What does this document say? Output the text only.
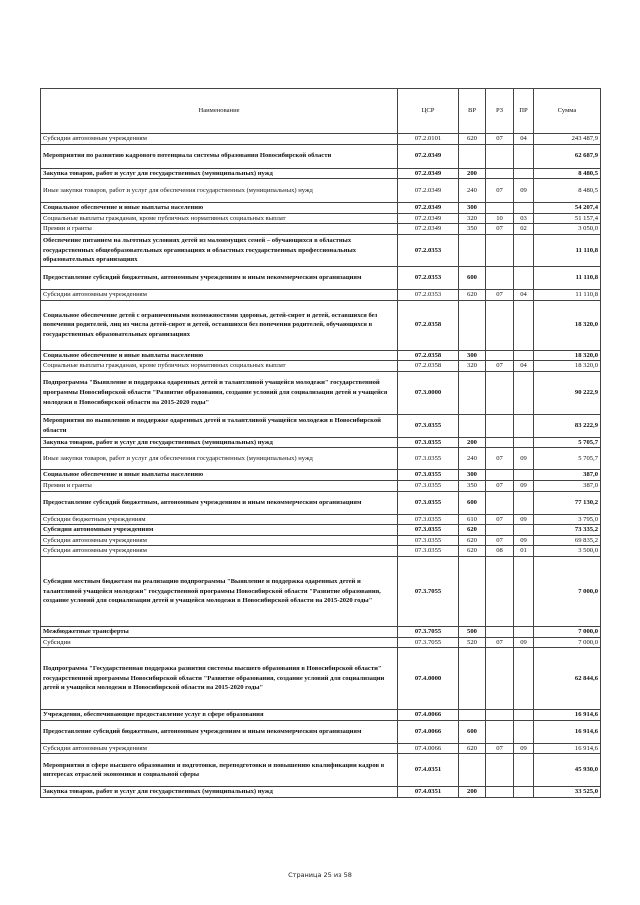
Наименование	ЦСР	ВР	РЗ	ПР	Сумма
Субсидии автономным учреждениям	07.2.0101	620	07	04	243 487,9
Мероприятия по развитию кадрового потенциала системы образования Новосибирской области	07.2.0349				62 687,9
Закупка товаров, работ и услуг для государственных (муниципальных) нужд	07.2.0349	200			8 480,5
Иные закупки товаров, работ и услуг для обеспечения государственных (муниципальных) нужд	07.2.0349	240	07	09	8 480,5
Социальное обеспечение и иные выплаты населению	07.2.0349	300			54 207,4
Социальные выплаты гражданам, кроме публичных нормативных социальных выплат	07.2.0349	320	10	03	51 157,4
Премии и гранты	07.2.0349	350	07	02	3 050,0
Обеспечение питанием на льготных условиях детей из малоимущих семей – обучающихся в областных государственных общеобразовательных организациях и областных государственных профессиональных образовательных организациях	07.2.0353				11 110,8
Предоставление субсидий бюджетным, автономным учреждениям и иным некоммерческим организациям	07.2.0353	600			11 110,8
Субсидии автономным учреждениям	07.2.0353	620	07	04	11 110,8
Социальное обеспечение детей с ограниченными возможностями здоровья, детей-сирот и детей, оставшихся без попечения родителей, лиц из числа детей-сирот и детей, оставшихся без попечения родителей, обучающихся в государственных образовательных организациях	07.2.0358				18 320,0
Социальное обеспечение и иные выплаты населению	07.2.0358	300			18 320,0
Социальные выплаты гражданам, кроме публичных нормативных социальных выплат	07.2.0358	320	07	04	18 320,0
Подпрограмма "Выявление и поддержка одаренных детей и талантливой учащейся молодежи" государственной программы Новосибирской области "Развитие образования, создание условий для социализации детей и учащейся молодежи в Новосибирской области на 2015-2020 годы"	07.3.0000				90 222,9
Мероприятия по выявлению и поддержке одаренных детей и талантливой учащейся молодежи в Новосибирской области	07.3.0355				83 222,9
Закупка товаров, работ и услуг для государственных (муниципальных) нужд	07.3.0355	200			5 705,7
Иные закупки товаров, работ и услуг для обеспечения государственных (муниципальных) нужд	07.3.0355	240	07	09	5 705,7
Социальное обеспечение и иные выплаты населению	07.3.0355	300			387,0
Премии и гранты	07.3.0355	350	07	09	387,0
Предоставление субсидий бюджетным, автономным учреждениям и иным некоммерческим организациям	07.3.0355	600			77 130,2
Субсидии бюджетным учреждениям	07.3.0355	610	07	09	3 795,0
Субсидии автономным учреждениям	07.3.0355	620			73 335,2
Субсидии автономным учреждениям	07.3.0355	620	07	09	69 835,2
Субсидии автономным учреждениям	07.3.0355	620	08	01	3 500,0
Субсидии местным бюджетам на реализацию подпрограммы "Выявление и поддержка одаренных детей и талантливой учащейся молодежи" государственной программы Новосибирской области "Развитие образования, создание условий для социализации детей и учащейся молодежи в Новосибирской области на 2015-2020 годы"	07.3.7055				7 000,0
Межбюджетные трансферты	07.3.7055	500			7 000,0
Субсидии	07.3.7055	520	07	09	7 000,0
Подпрограмма "Государственная поддержка развития системы высшего образования в Новосибирской области" государственной программы Новосибирской области "Развитие образования, создание условий для социализации детей и учащейся молодежи в Новосибирской области на 2015-2020 годы"	07.4.0000				62 844,6
Учреждения, обеспечивающие предоставление услуг в сфере образования	07.4.0066				16 914,6
Предоставление субсидий бюджетным, автономным учреждениям и иным некоммерческим организациям	07.4.0066	600			16 914,6
Субсидии автономным учреждениям	07.4.0066	620	07	09	16 914,6
Мероприятия в сфере высшего образования и подготовки, переподготовки и повышению квалификации кадров в интересах отраслей экономики и социальной сферы	07.4.0351				45 930,0
Закупка товаров, работ и услуг для государственных (муниципальных) нужд	07.4.0351	200			33 525,0
Страница 25 из 58
